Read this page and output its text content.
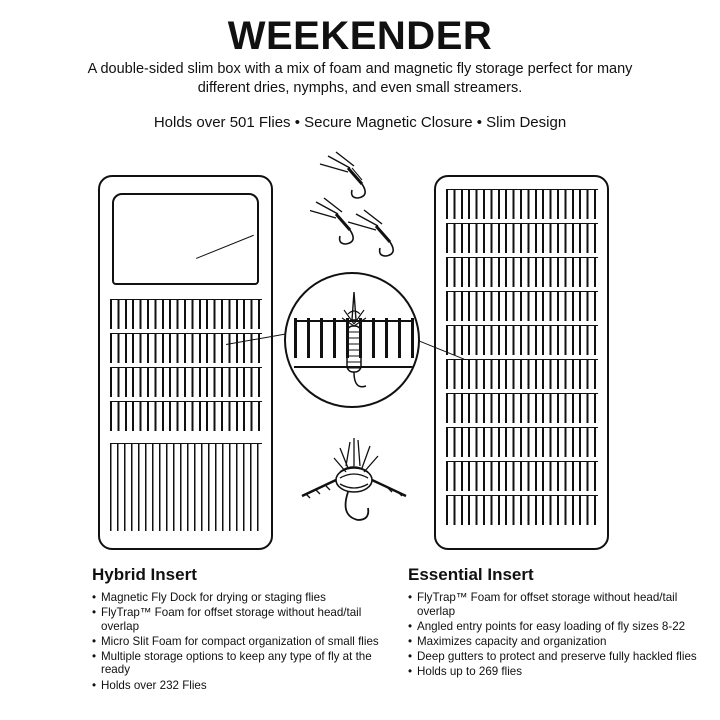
WEEKENDER
A double-sided slim box with a mix of foam and magnetic fly storage perfect for many different dries, nymphs, and even small streamers.
Holds over 501 Flies • Secure Magnetic Closure • Slim Design
Hybrid Insert
• Magnetic Fly Dock for drying or staging flies
• FlyTrap™ Foam for offset storage without head/tail overlap
• Micro Slit Foam for compact organization of small flies
• Multiple storage options to keep any type of fly at the ready
• Holds over 232 Flies
Essential Insert
• FlyTrap™ Foam for offset storage without head/tail overlap
• Angled entry points for easy loading of fly sizes 8-22
• Maximizes capacity and organization
• Deep gutters to protect and preserve fully hackled flies
• Holds up to 269 flies
